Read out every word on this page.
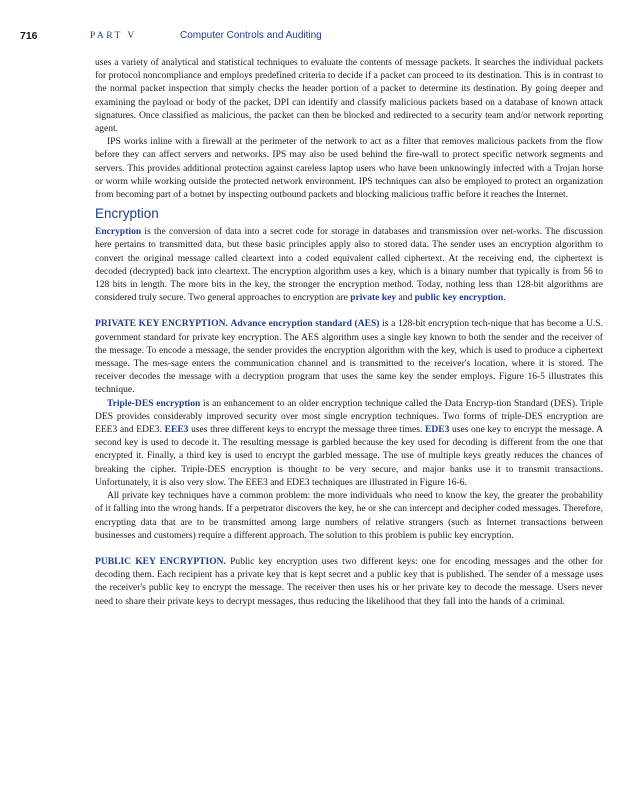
716	PART V	Computer Controls and Auditing

uses a variety of analytical and statistical techniques to evaluate the contents of message packets. It searches the individual packets for protocol noncompliance and employs predefined criteria to decide if a packet can proceed to its destination. This is in contrast to the normal packet inspection that simply checks the header portion of a packet to determine its destination. By going deeper and examining the payload or body of the packet, DPI can identify and classify malicious packets based on a database of known attack signatures. Once classified as malicious, the packet can then be blocked and redirected to a security team and/or network reporting agent.

IPS works inline with a firewall at the perimeter of the network to act as a filter that removes malicious packets from the flow before they can affect servers and networks. IPS may also be used behind the fire-wall to protect specific network segments and servers. This provides additional protection against careless laptop users who have been unknowingly infected with a Trojan horse or worm while working outside the protected network environment. IPS techniques can also be employed to protect an organization from becoming part of a botnet by inspecting outbound packets and blocking malicious traffic before it reaches the Internet.

Encryption

Encryption is the conversion of data into a secret code for storage in databases and transmission over net-works. The discussion here pertains to transmitted data, but these basic principles apply also to stored data. The sender uses an encryption algorithm to convert the original message called cleartext into a coded equivalent called ciphertext. At the receiving end, the ciphertext is decoded (decrypted) back into cleartext. The encryption algorithm uses a key, which is a binary number that typically is from 56 to 128 bits in length. The more bits in the key, the stronger the encryption method. Today, nothing less than 128-bit algorithms are considered truly secure. Two general approaches to encryption are private key and public key encryption.

PRIVATE KEY ENCRYPTION. Advance encryption standard (AES) is a 128-bit encryption tech-nique that has become a U.S. government standard for private key encryption. The AES algorithm uses a single key known to both the sender and the receiver of the message. To encode a message, the sender provides the encryption algorithm with the key, which is used to produce a ciphertext message. The mes-sage enters the communication channel and is transmitted to the receiver's location, where it is stored. The receiver decodes the message with a decryption program that uses the same key the sender employs. Figure 16-5 illustrates this technique.

Triple-DES encryption is an enhancement to an older encryption technique called the Data Encryp-tion Standard (DES). Triple DES provides considerably improved security over most single encryption techniques. Two forms of triple-DES encryption are EEE3 and EDE3. EEE3 uses three different keys to encrypt the message three times. EDE3 uses one key to encrypt the message. A second key is used to decode it. The resulting message is garbled because the key used for decoding is different from the one that encrypted it. Finally, a third key is used to encrypt the garbled message. The use of multiple keys greatly reduces the chances of breaking the cipher. Triple-DES encryption is thought to be very secure, and major banks use it to transmit transactions. Unfortunately, it is also very slow. The EEE3 and EDE3 techniques are illustrated in Figure 16-6.

All private key techniques have a common problem: the more individuals who need to know the key, the greater the probability of it falling into the wrong hands. If a perpetrator discovers the key, he or she can intercept and decipher coded messages. Therefore, encrypting data that are to be transmitted among large numbers of relative strangers (such as Internet transactions between businesses and customers) require a different approach. The solution to this problem is public key encryption.

PUBLIC KEY ENCRYPTION. Public key encryption uses two different keys: one for encoding messages and the other for decoding them. Each recipient has a private key that is kept secret and a public key that is published. The sender of a message uses the receiver's public key to encrypt the message. The receiver then uses his or her private key to decode the message. Users never need to share their private keys to decrypt messages, thus reducing the likelihood that they fall into the hands of a criminal.
